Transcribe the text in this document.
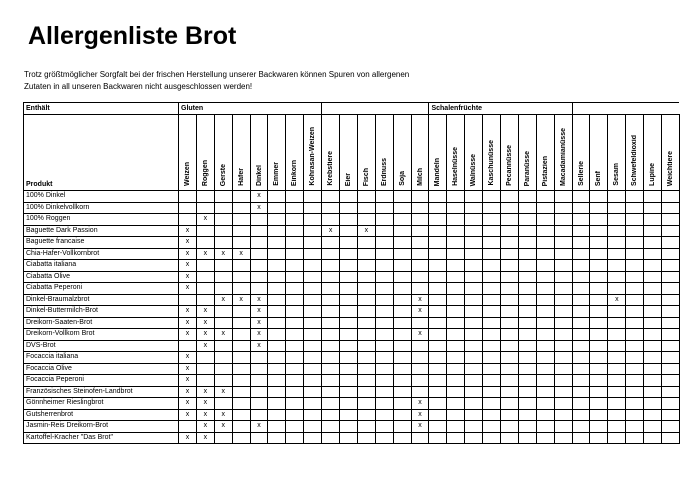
Allergenliste Brot
Trotz größtmöglicher Sorgfalt bei der frischen Herstellung unserer Backwaren können Spuren von allergenen
Zutaten in all unseren Backwaren nicht ausgeschlossen werden!
Enthält	Gluten														Schalenfrüchte													
Produkt	Weizen	Roggen	Gerste	Hafer	Dinkel	Emmer	Einkorn	Kohrasan-Weizen	Krebstiere	Eier	Fisch	Erdnuss	Soja	Milch	Mandeln	Haselnüsse	Walnüsse	Kaschunüsse	Pecannüsse	Paranüsse	Pistazien	Macadamianüsse	Sellerie	Senf	Sesam	Schwefeldioxid	Lupine	Weichtiere
100% Dinkel					x																							
100% Dinkelvollkorn					x																							
100% Roggen		x																										
Baguette Dark Passion	x								x		x																	
Baguette francaise	x																											
Chia-Hafer-Vollkornbrot	x	x	x	x																								
Ciabatta italiana	x																											
Ciabatta Olive	x																											
Ciabatta Peperoni	x																											
Dinkel-Braumalzbrot			x	x	x									x											x			
Dinkel-Buttermilch-Brot	x	x			x									x														
Dreikorn-Saaten-Brot	x	x			x																							
Dreikorn-Vollkorn Brot	x	x	x		x									x														
DVS-Brot		x			x																							
Focaccia italiana	x																											
Focaccia Olive	x																											
Focaccia Peperoni	x																											
Französisches Steinofen-Landbrot	x	x	x																									
Gönnheimer Rieslingbrot	x	x												x														
Gutsherrenbrot	x	x	x											x														
Jasmin-Reis Dreikorn-Brot		x	x		x									x														
Kartoffel-Kracher "Das Brot"	x	x																										
